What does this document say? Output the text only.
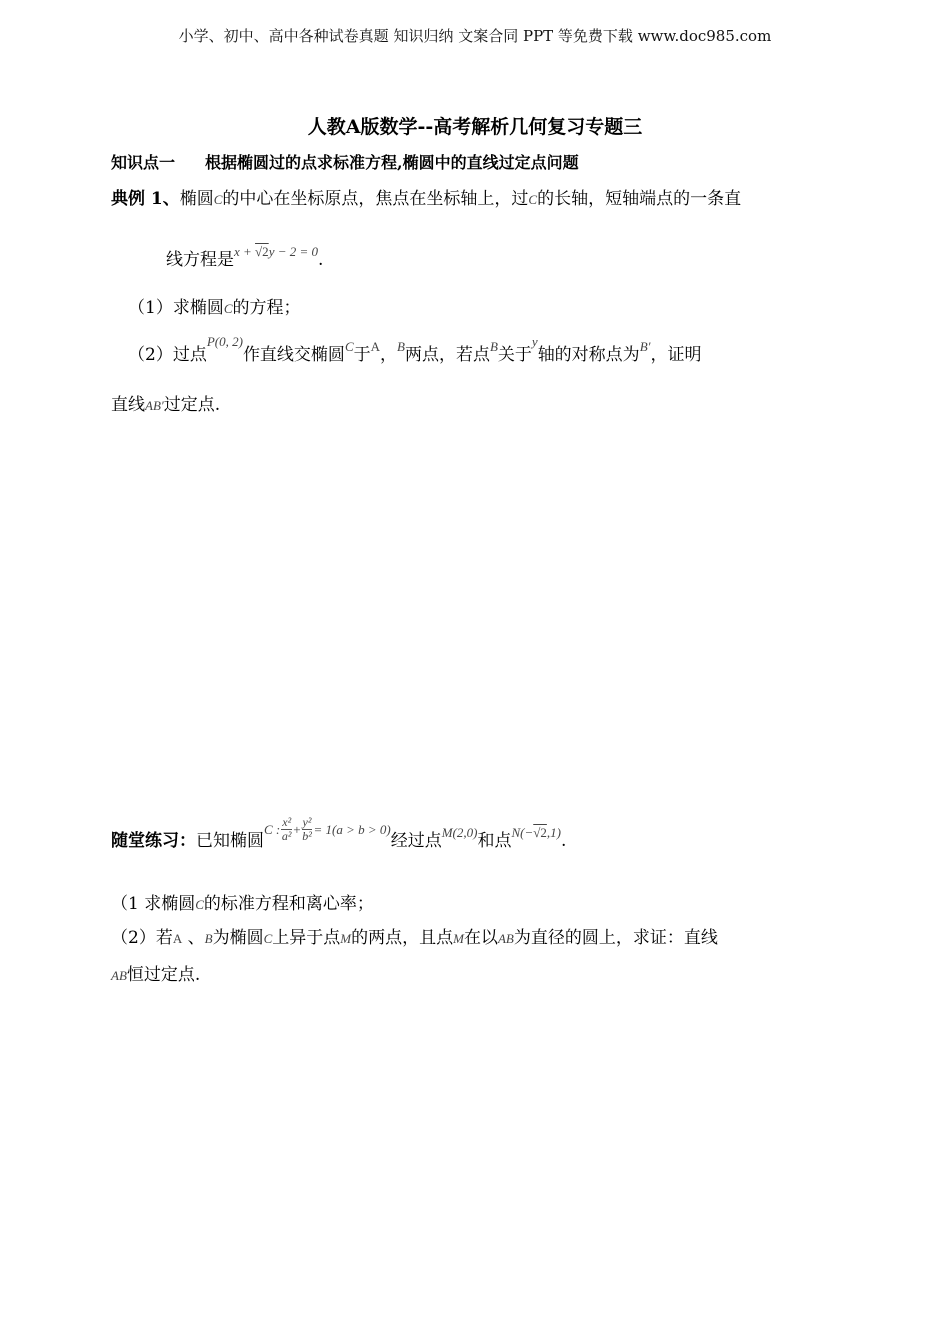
小学、初中、高中各种试卷真题 知识归纳 文案合同 PPT 等免费下载 www.doc985.com
人教A版数学--高考解析几何复习专题三
知识点一 根据椭圆过的点求标准方程,椭圆中的直线过定点问题
典例 1、椭圆C的中心在坐标原点，焦点在坐标轴上，过C的长轴，短轴端点的一条直
线方程是x + √2y − 2 = 0.
（1）求椭圆C的方程；
（2）过点$^{P(0, 2)}$作直线交椭圆$^C$于$^A$，$^B$两点，若点$^B$关于$^y$轴的对称点为$^{B'}$，证明
直线AB′过定点.
随堂练习：已知椭圆C : $\frac{\text{x²}}{\text{a²}} + \frac{\text{y²}}{\text{b²}} = 1(a > b > 0)$经过点$^{M(2,0)}$和点N(−√2,1).
（1 求椭圆C的标准方程和离心率；
（2）若A 、B为椭圆C上异于点M的两点，且点M在以AB为直径的圆上，求证：直线
AB恒过定点.
